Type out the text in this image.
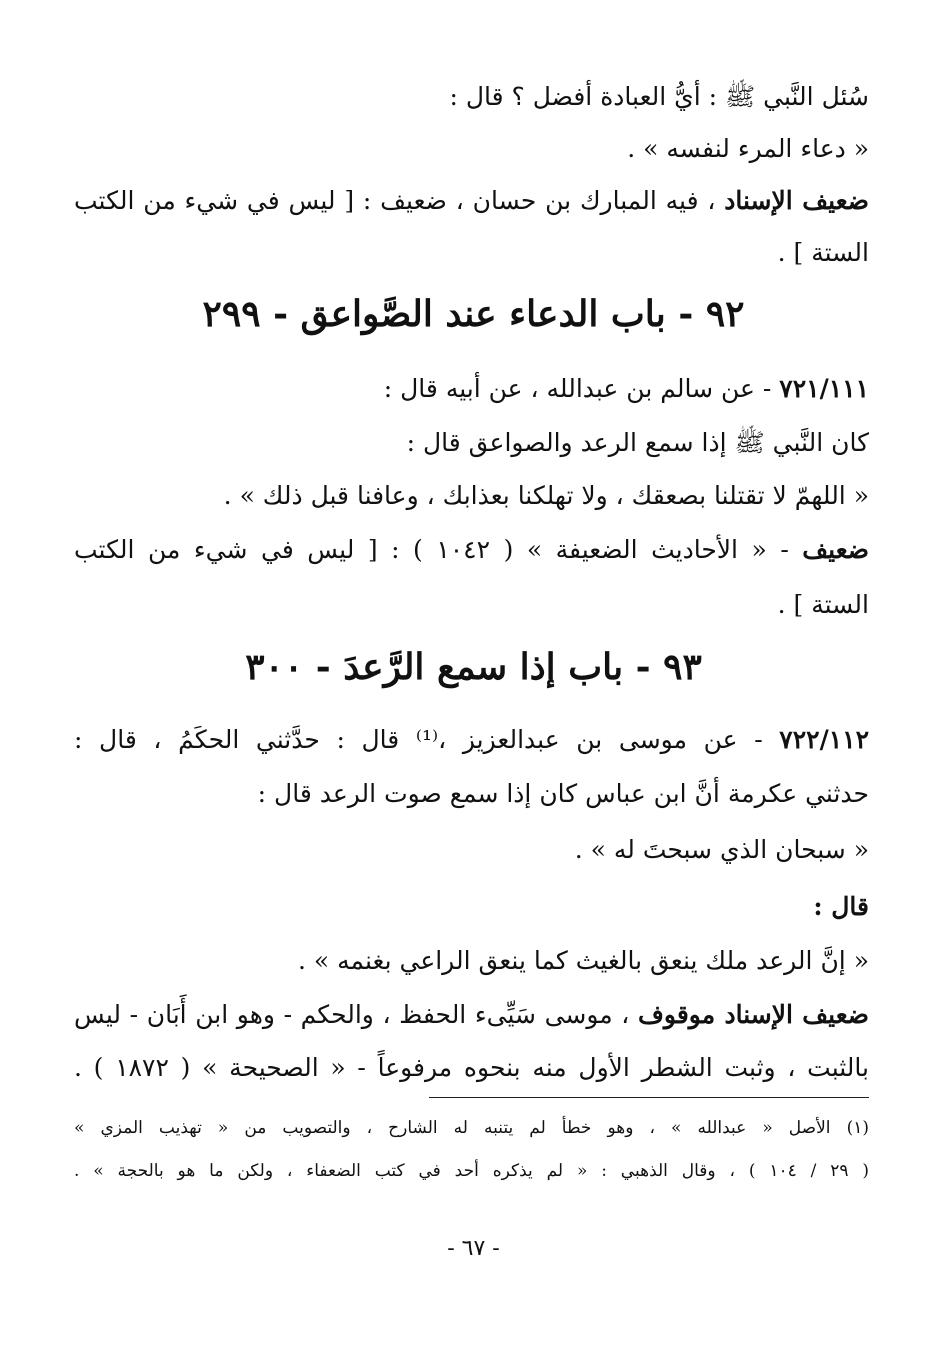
سُئل النَّبي ﷺ : أيُّ العبادة أفضل ؟ قال :
« دعاء المرء لنفسه » .
ضعيف الإسناد ، فيه المبارك بن حسان ، ضعيف : [ ليس في شيء من الكتب
الستة ] .
٩٢ - باب الدعاء عند الصَّواعق - ٢٩٩
٧٢١/١١١ - عن سالم بن عبدالله ، عن أبيه قال :
كان النَّبي ﷺ إذا سمع الرعد والصواعق قال :
« اللهمّ لا تقتلنا بصعقك ، ولا تهلكنا بعذابك ، وعافنا قبل ذلك » .
ضعيف - « الأحاديث الضعيفة » ( ١٠٤٢ ) : [ ليس في شيء من الكتب
الستة ] .
٩٣ - باب إذا سمع الرَّعدَ - ٣٠٠
٧٢٢/١١٢ - عن موسى بن عبدالعزيز ،⁽¹⁾ قال : حدَّثني الحكَمُ ، قال :
حدثني عكرمة أنَّ ابن عباس كان إذا سمع صوت الرعد قال :
« سبحان الذي سبحتَ له » .
قال :
« إنَّ الرعد ملك ينعق بالغيث كما ينعق الراعي بغنمه » .
ضعيف الإسناد موقوف ، موسى سَيِّىء الحفظ ، والحكم - وهو ابن أَبَان - ليس
بالثبت ، وثبت الشطر الأول منه بنحوه مرفوعاً - « الصحيحة » ( ١٨٧٢ ) .
(١) الأصل « عبدالله » ، وهو خطأ لم يتنبه له الشارح ، والتصويب من « تهذيب المزي »
( ٢٩ / ١٠٤ ) ، وقال الذهبي : « لم يذكره أحد في كتب الضعفاء ، ولكن ما هو بالحجة » .
- ٦٧ -
